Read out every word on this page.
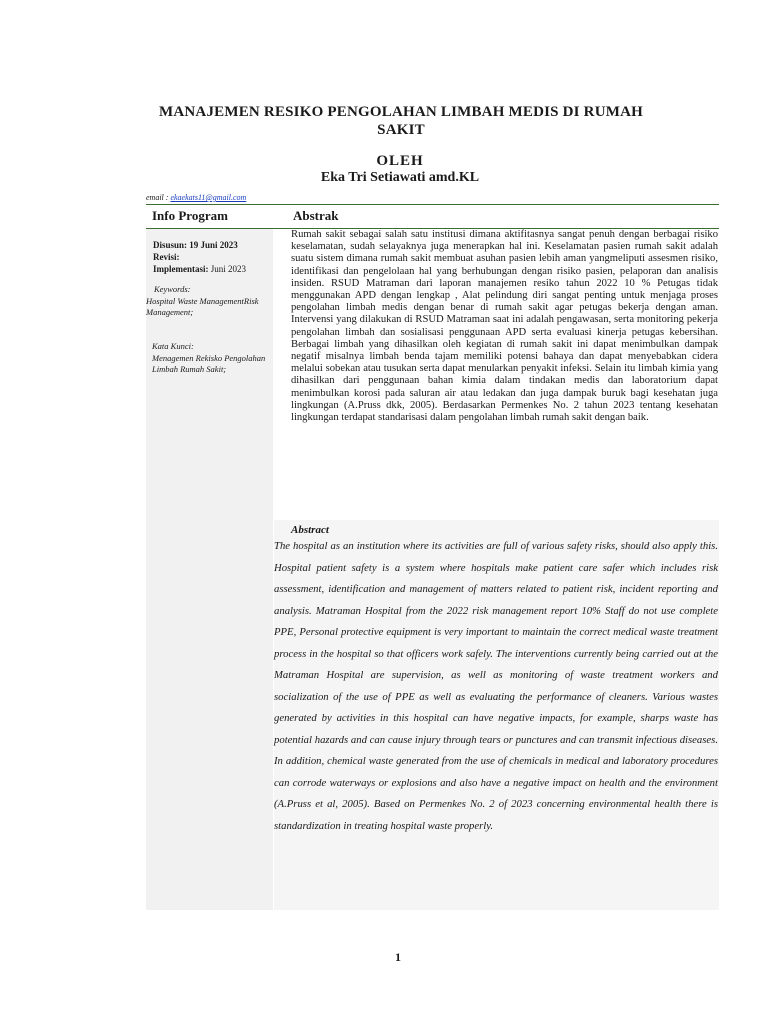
MANAJEMEN RESIKO PENGOLAHAN LIMBAH MEDIS DI RUMAH SAKIT
OLEH
Eka Tri Setiawati amd.KL
email : ekaekats11@gmail.com
Info Program	Abstrak
Disusun: 19 Juni 2023
Revisi:
Implementasi: Juni 2023
Keywords:
Hospital Waste ManagementRisk Management;
Kata Kunci:
Menagemen Rekisko Pengolahan Limbah Rumah Sakit;
Rumah sakit sebagai salah satu institusi dimana aktifitasnya sangat penuh dengan berbagai risiko keselamatan, sudah selayaknya juga menerapkan hal ini. Keselamatan pasien rumah sakit adalah suatu sistem dimana rumah sakit membuat asuhan pasien lebih aman yangmeliputi assesmen risiko, identifikasi dan pengelolaan hal yang berhubungan dengan risiko pasien, pelaporan dan analisis insiden. RSUD Matraman dari laporan manajemen resiko tahun 2022 10 % Petugas tidak menggunakan APD dengan lengkap , Alat pelindung diri sangat penting untuk menjaga proses pengolahan limbah medis dengan benar di rumah sakit agar petugas bekerja dengan aman. Intervensi yang dilakukan di RSUD Matraman saat ini adalah pengawasan, serta monitoring pekerja pengolahan limbah dan sosialisasi penggunaan APD serta evaluasi kinerja petugas kebersihan. Berbagai limbah yang dihasilkan oleh kegiatan di rumah sakit ini dapat menimbulkan dampak negatif misalnya limbah benda tajam memiliki potensi bahaya dan dapat menyebabkan cidera melalui sobekan atau tusukan serta dapat menularkan penyakit infeksi. Selain itu limbah kimia yang dihasilkan dari penggunaan bahan kimia dalam tindakan medis dan laboratorium dapat menimbulkan korosi pada saluran air atau ledakan dan juga dampak buruk bagi kesehatan juga lingkungan (A.Pruss dkk, 2005). Berdasarkan Permenkes No. 2 tahun 2023 tentang kesehatan lingkungan terdapat standarisasi dalam pengolahan limbah rumah sakit dengan baik.
Abstract
The hospital as an institution where its activities are full of various safety risks, should also apply this. Hospital patient safety is a system where hospitals make patient care safer which includes risk assessment, identification and management of matters related to patient risk, incident reporting and analysis. Matraman Hospital from the 2022 risk management report 10% Staff do not use complete PPE, Personal protective equipment is very important to maintain the correct medical waste treatment process in the hospital so that officers work safely. The interventions currently being carried out at the Matraman Hospital are supervision, as well as monitoring of waste treatment workers and socialization of the use of PPE as well as evaluating the performance of cleaners. Various wastes generated by activities in this hospital can have negative impacts, for example, sharps waste has potential hazards and can cause injury through tears or punctures and can transmit infectious diseases. In addition, chemical waste generated from the use of chemicals in medical and laboratory procedures can corrode waterways or explosions and also have a negative impact on health and the environment (A.Pruss et al, 2005). Based on Permenkes No. 2 of 2023 concerning environmental health there is standardization in treating hospital waste properly.
1
